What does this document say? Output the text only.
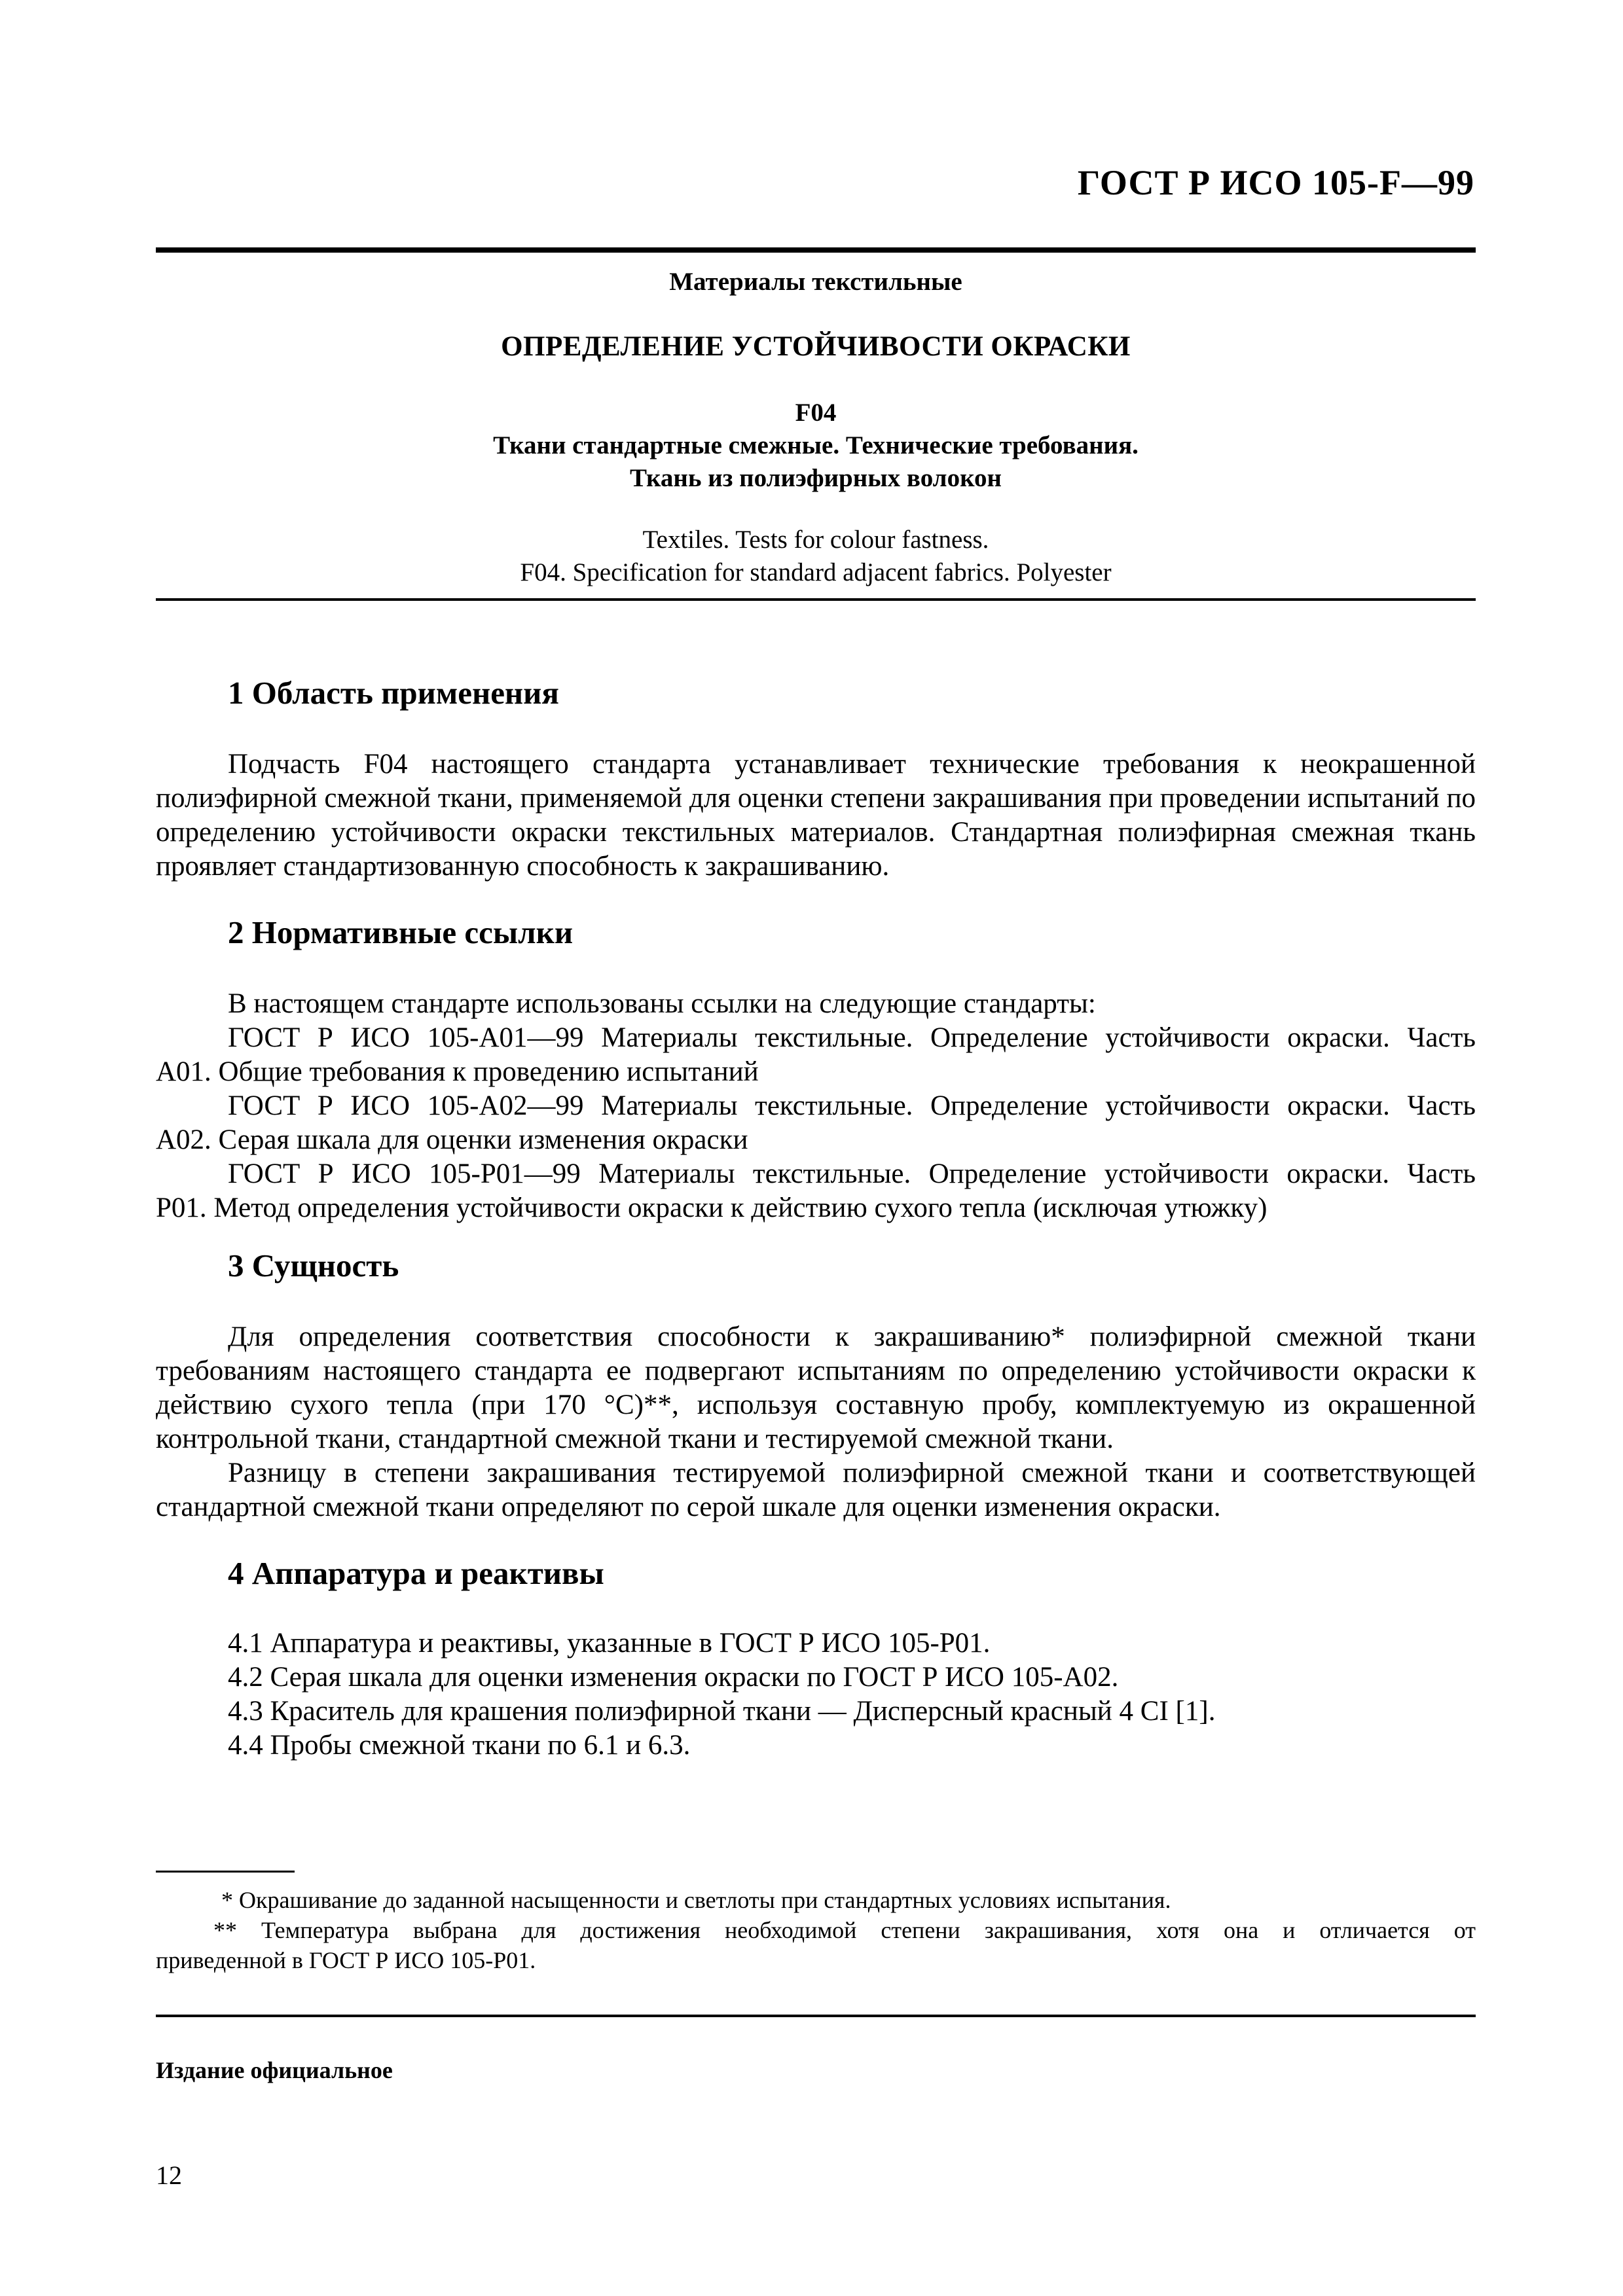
ГОСТ Р ИСО 105-F—99
Материалы текстильные
ОПРЕДЕЛЕНИЕ УСТОЙЧИВОСТИ ОКРАСКИ
F04
Ткани стандартные смежные. Технические требования.
Ткань из полиэфирных волокон
Textiles. Tests for colour fastness.
F04. Specification for standard adjacent fabrics. Polyester
1 Область применения
Подчасть F04 настоящего стандарта устанавливает технические требования к неокрашенной полиэфирной смежной ткани, применяемой для оценки степени закрашивания при проведении испытаний по определению устойчивости окраски текстильных материалов. Стандартная полиэфирная смежная ткань проявляет стандартизованную способность к закрашиванию.
2 Нормативные ссылки
В настоящем стандарте использованы ссылки на следующие стандарты:
ГОСТ Р ИСО 105-A01—99 Материалы текстильные. Определение устойчивости окраски. Часть
A01. Общие требования к проведению испытаний
ГОСТ Р ИСО 105-A02—99 Материалы текстильные. Определение устойчивости окраски. Часть
A02. Серая шкала для оценки изменения окраски
ГОСТ Р ИСО 105-P01—99 Материалы текстильные. Определение устойчивости окраски. Часть
P01. Метод определения устойчивости окраски к действию сухого тепла (исключая утюжку)
3 Сущность
Для определения соответствия способности к закрашиванию* полиэфирной смежной ткани требованиям настоящего стандарта ее подвергают испытаниям по определению устойчивости окраски к действию сухого тепла (при 170 °С)**, используя составную пробу, комплектуемую из окрашенной контрольной ткани, стандартной смежной ткани и тестируемой смежной ткани.
Разницу в степени закрашивания тестируемой полиэфирной смежной ткани и соответствующей стандартной смежной ткани определяют по серой шкале для оценки изменения окраски.
4 Аппаратура и реактивы
4.1 Аппаратура и реактивы, указанные в ГОСТ Р ИСО 105-P01.
4.2 Серая шкала для оценки изменения окраски по ГОСТ Р ИСО 105-A02.
4.3 Краситель для крашения полиэфирной ткани — Дисперсный красный 4 CI [1].
4.4 Пробы смежной ткани по 6.1 и 6.3.
* Окрашивание до заданной насыщенности и светлоты при стандартных условиях испытания.
** Температура выбрана для достижения необходимой степени закрашивания, хотя она и отличается от
приведенной в ГОСТ Р ИСО 105-P01.
Издание официальное
12
